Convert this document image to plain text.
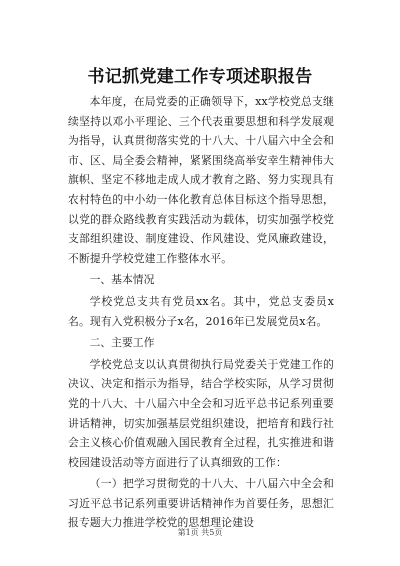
书记抓党建工作专项述职报告

本年度，在局党委的正确领导下，xx学校党总支继续坚持以邓小平理论、三个代表重要思想和科学发展观为指导，认真贯彻落实党的十八大、十八届六中全会和市、区、局全委会精神，紧紧围绕高举安幸生精神伟大旗帜、坚定不移地走成人成才教育之路、努力实现具有农村特色的中小幼一体化教育总体目标这个指导思想，以党的群众路线教育实践活动为载体，切实加强学校党支部组织建设、制度建设、作风建设、党风廉政建设，不断提升学校党建工作整体水平。

一、基本情况

学校党总支共有党员xx名。其中，党总支委员x名。现有入党积极分子x名，2016年已发展党员x名。

二、主要工作

学校党总支以认真贯彻执行局党委关于党建工作的决议、决定和指示为指导，结合学校实际，从学习贯彻党的十八大、十八届六中全会和习近平总书记系列重要讲话精神，切实加强基层党组织建设，把培育和践行社会主义核心价值观融入国民教育全过程，扎实推进和谐校园建设活动等方面进行了认真细致的工作：

（一）把学习贯彻党的十八大、十八届六中全会和习近平总书记系列重要讲话精神作为首要任务，思想汇报专题大力推进学校党的思想理论建设

第1页 共5页
